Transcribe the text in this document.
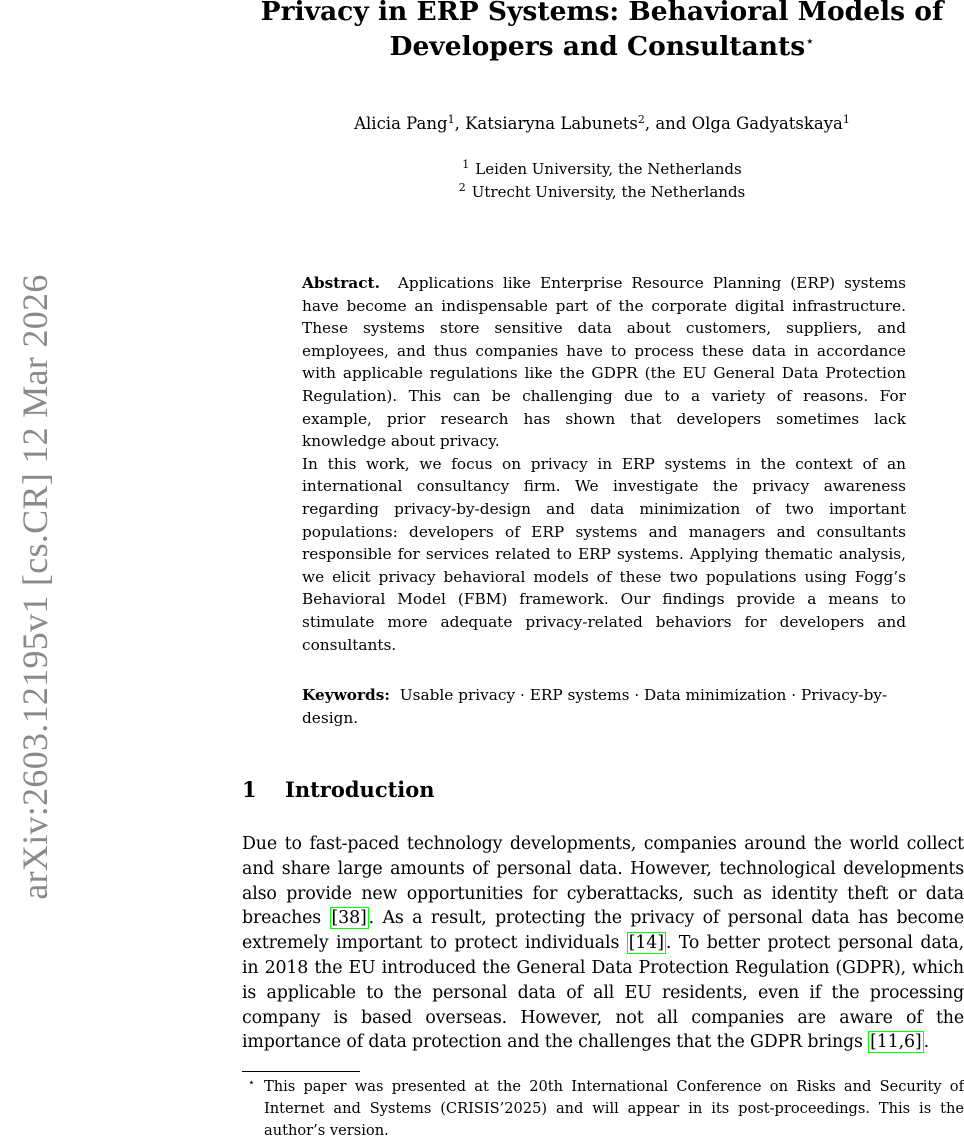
arXiv:2603.12195v1 [cs.CR] 12 Mar 2026
Privacy in ERP Systems: Behavioral Models of
Developers and Consultants⋆
Alicia Pang$^1$, Katsiaryna Labunets$^2$, and Olga Gadyatskaya$^1$
$^1$ Leiden University, the Netherlands
$^2$ Utrecht University, the Netherlands

Abstract. Applications like Enterprise Resource Planning (ERP) systems have become an indispensable part of the corporate digital infrastructure. These systems store sensitive data about customers, suppliers, and employees, and thus companies have to process these data in accordance with applicable regulations like the GDPR (the EU General Data Protection Regulation). This can be challenging due to a variety of reasons. For example, prior research has shown that developers sometimes lack knowledge about privacy.

In this work, we focus on privacy in ERP systems in the context of an international consultancy firm. We investigate the privacy awareness regarding privacy-by-design and data minimization of two important populations: developers of ERP systems and managers and consultants responsible for services related to ERP systems. Applying thematic analysis, we elicit privacy behavioral models of these two populations using Fogg’s Behavioral Model (FBM) framework. Our findings provide a means to stimulate more adequate privacy-related behaviors for developers and consultants.

Keywords: Usable privacy · ERP systems · Data minimization · Privacy-by-design.
1 Introduction

Due to fast-paced technology developments, companies around the world collect and share large amounts of personal data. However, technological developments also provide new opportunities for cyberattacks, such as identity theft or data breaches [38] . As a result, protecting the privacy of personal data has become extremely important to protect individuals [14] . To better protect personal data, in 2018 the EU introduced the General Data Protection Regulation (GDPR), which is applicable to the personal data of all EU residents, even if the processing company is based overseas. However, not all companies are aware of the importance of data protection and the challenges that the GDPR brings [11,6] .

⋆ This paper was presented at the 20th International Conference on Risks and Security of Internet and Systems (CRISIS’2025) and will appear in its post-proceedings. This is the author’s version.
